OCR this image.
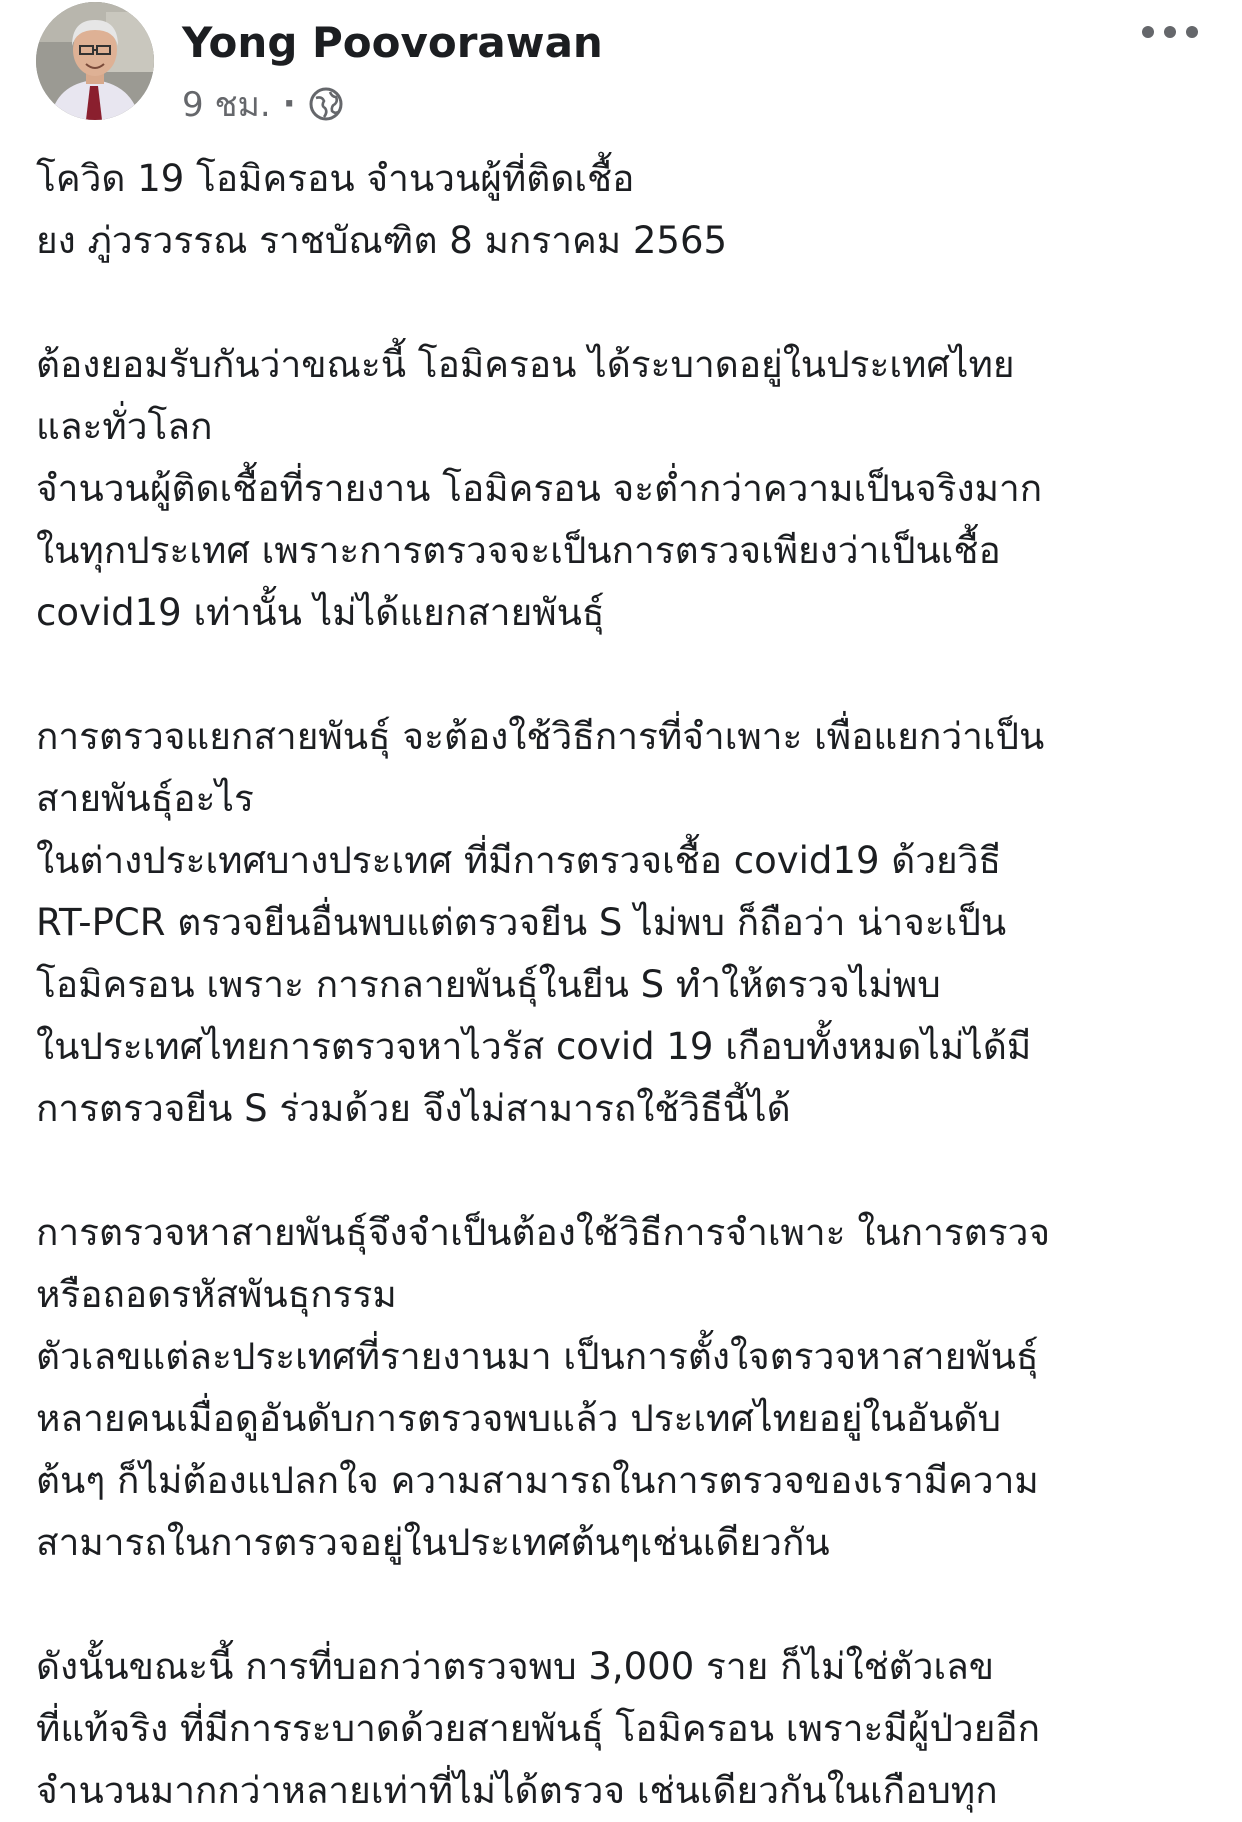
Yong Poovorawan
9 ชม. ·
โควิด 19 โอมิครอน จำนวนผู้ที่ติดเชื้อ
ยง ภู่วรวรรณ ราชบัณฑิต 8 มกราคม 2565
ต้องยอมรับกันว่าขณะนี้ โอมิครอน ได้ระบาดอยู่ในประเทศไทย
และทั่วโลก
จำนวนผู้ติดเชื้อที่รายงาน โอมิครอน จะต่ำกว่าความเป็นจริงมาก
ในทุกประเทศ เพราะการตรวจจะเป็นการตรวจเพียงว่าเป็นเชื้อ
covid19 เท่านั้น ไม่ได้แยกสายพันธุ์
การตรวจแยกสายพันธุ์ จะต้องใช้วิธีการที่จำเพาะ เพื่อแยกว่าเป็น
สายพันธุ์อะไร
ในต่างประเทศบางประเทศ ที่มีการตรวจเชื้อ covid19 ด้วยวิธี
RT-PCR ตรวจยีนอื่นพบแต่ตรวจยีน S ไม่พบ ก็ถือว่า น่าจะเป็น
โอมิครอน เพราะ การกลายพันธุ์ในยีน S ทำให้ตรวจไม่พบ
ในประเทศไทยการตรวจหาไวรัส covid 19 เกือบทั้งหมดไม่ได้มี
การตรวจยีน S ร่วมด้วย จึงไม่สามารถใช้วิธีนี้ได้
การตรวจหาสายพันธุ์จึงจำเป็นต้องใช้วิธีการจำเพาะ ในการตรวจ
หรือถอดรหัสพันธุกรรม
ตัวเลขแต่ละประเทศที่รายงานมา เป็นการตั้งใจตรวจหาสายพันธุ์
หลายคนเมื่อดูอันดับการตรวจพบแล้ว ประเทศไทยอยู่ในอันดับ
ต้นๆ ก็ไม่ต้องแปลกใจ ความสามารถในการตรวจของเรามีความ
สามารถในการตรวจอยู่ในประเทศต้นๆเช่นเดียวกัน
ดังนั้นขณะนี้ การที่บอกว่าตรวจพบ 3,000 ราย ก็ไม่ใช่ตัวเลข
ที่แท้จริง ที่มีการระบาดด้วยสายพันธุ์ โอมิครอน เพราะมีผู้ป่วยอีก
จำนวนมากกว่าหลายเท่าที่ไม่ได้ตรวจ เช่นเดียวกันในเกือบทุก
